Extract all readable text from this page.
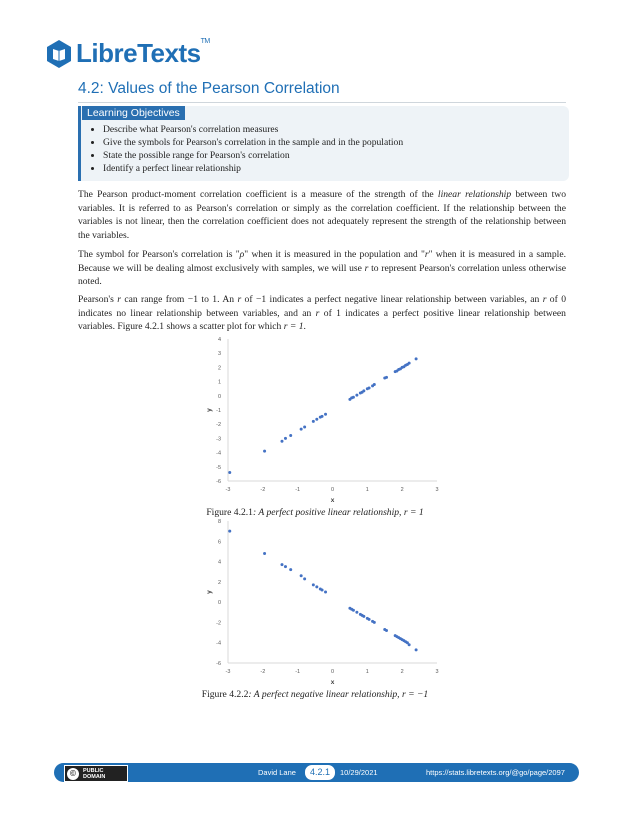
LibreTexts™
4.2: Values of the Pearson Correlation
Learning Objectives
• Describe what Pearson's correlation measures
• Give the symbols for Pearson's correlation in the sample and in the population
• State the possible range for Pearson's correlation
• Identify a perfect linear relationship

The Pearson product-moment correlation coefficient is a measure of the strength of the linear relationship between two variables. It is referred to as Pearson's correlation or simply as the correlation coefficient. If the relationship between the variables is not linear, then the correlation coefficient does not adequately represent the strength of the relationship between the variables.

The symbol for Pearson's correlation is "ρ" when it is measured in the population and "r" when it is measured in a sample. Because we will be dealing almost exclusively with samples, we will use r to represent Pearson's correlation unless otherwise noted.

Pearson's r can range from −1 to 1. An r of −1 indicates a perfect negative linear relationship between variables, an r of 0 indicates no linear relationship between variables, and an r of 1 indicates a perfect positive linear relationship between variables. Figure 4.2.1 shows a scatter plot for which r = 1.

-6
-5
-4
-3
-2
-1
0
1
2
3
4
-3	-2	-1	0	1	2	3
x
y
Figure 4.2.1: A perfect positive linear relationship, r = 1
-6
-4
-2
0
2
4
6
8
-3	-2	-1	0	1	2	3
x
y
Figure 4.2.2: A perfect negative linear relationship, r = −1
©	PUBLIC
DOMAIN	David Lane	4.2.1	10/29/2021	https://stats.libretexts.org/@go/page/2097
